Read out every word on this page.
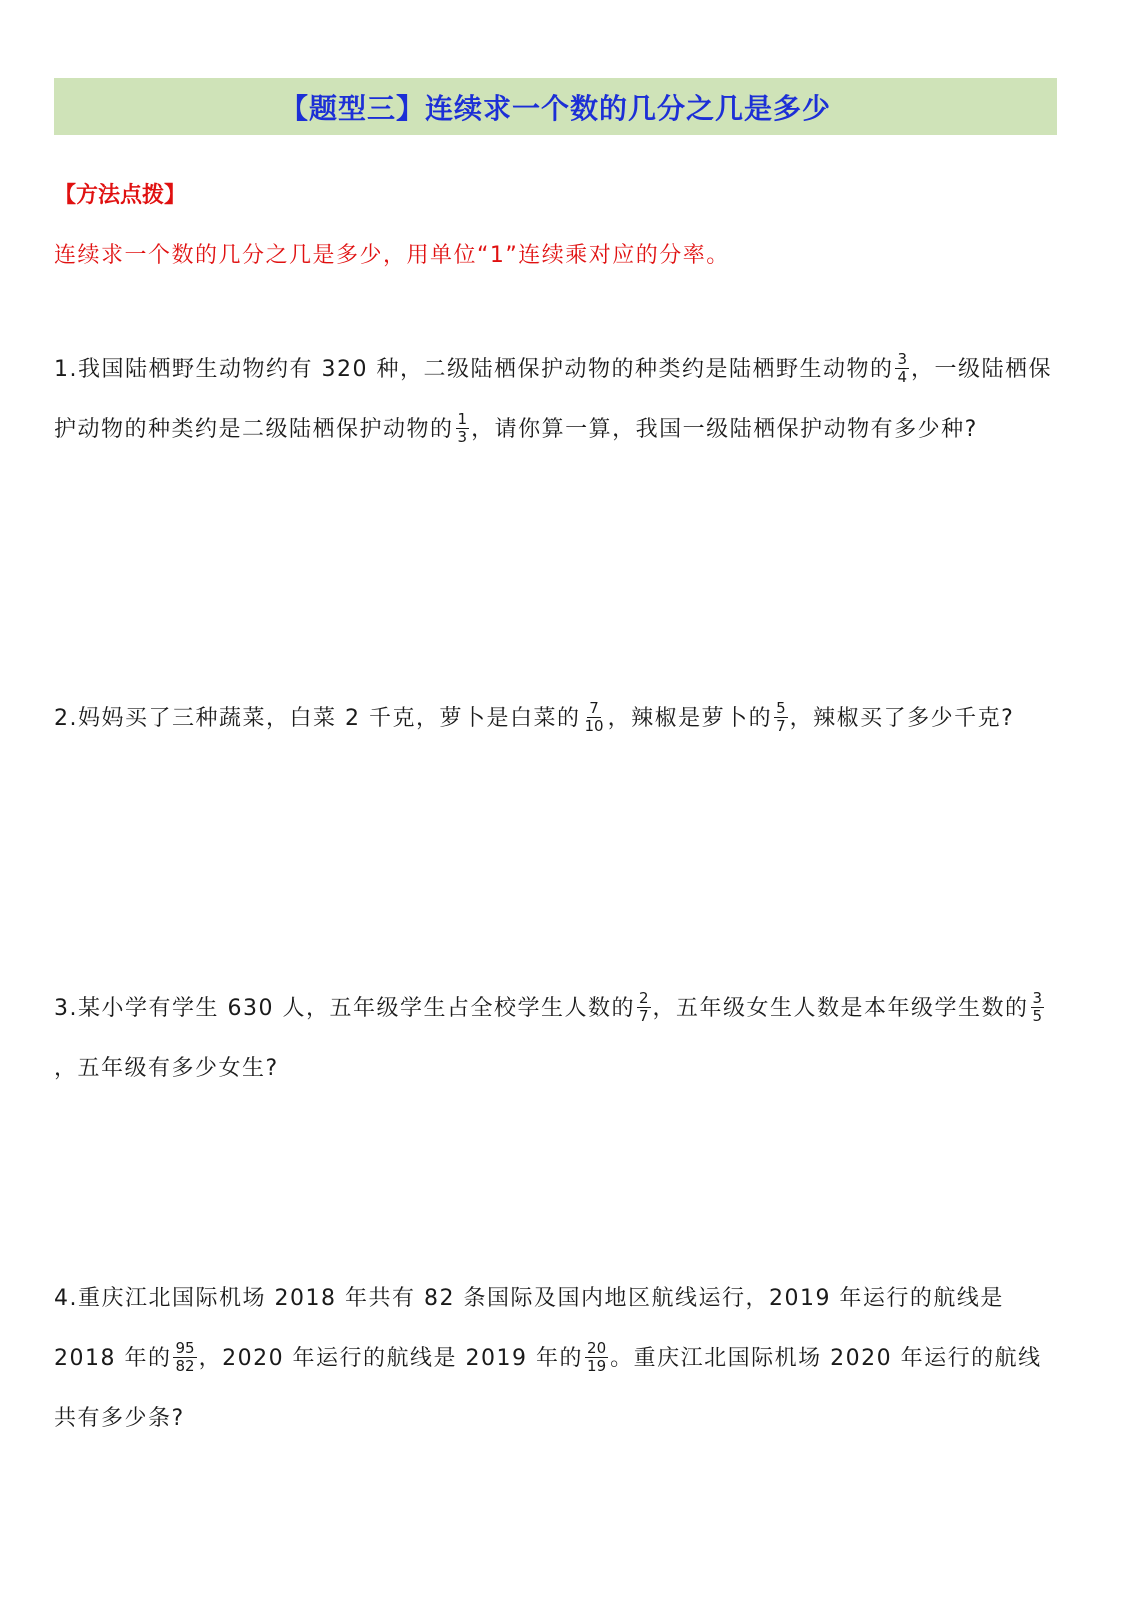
【题型三】连续求一个数的几分之几是多少
【方法点拨】
连续求一个数的几分之几是多少，用单位“1”连续乘对应的分率。
1.我国陆栖野生动物约有 320 种，二级陆栖保护动物的种类约是陆栖野生动物的 $\frac{3}{4}$ ，一级陆栖保护动物的种类约是二级陆栖保护动物的 $\frac{1}{3}$ ，请你算一算，我国一级陆栖保护动物有多少种?
2.妈妈买了三种蔬菜，白菜 2 千克，萝卜是白菜的 $\frac{7}{10}$ ，辣椒是萝卜的 $\frac{5}{7}$ ，辣椒买了多少千克?
3.某小学有学生 630 人，五年级学生占全校学生人数的 $\frac{2}{7}$ ，五年级女生人数是本年级学生数的 $\frac{3}{5}$
，五年级有多少女生?
4.重庆江北国际机场 2018 年共有 82 条国际及国内地区航线运行，2019 年运行的航线是 2018 年的 $\frac{95}{82}$ ，2020 年运行的航线是 2019 年的 $\frac{20}{19}$ 。重庆江北国际机场 2020 年运行的航线共有多少条?
